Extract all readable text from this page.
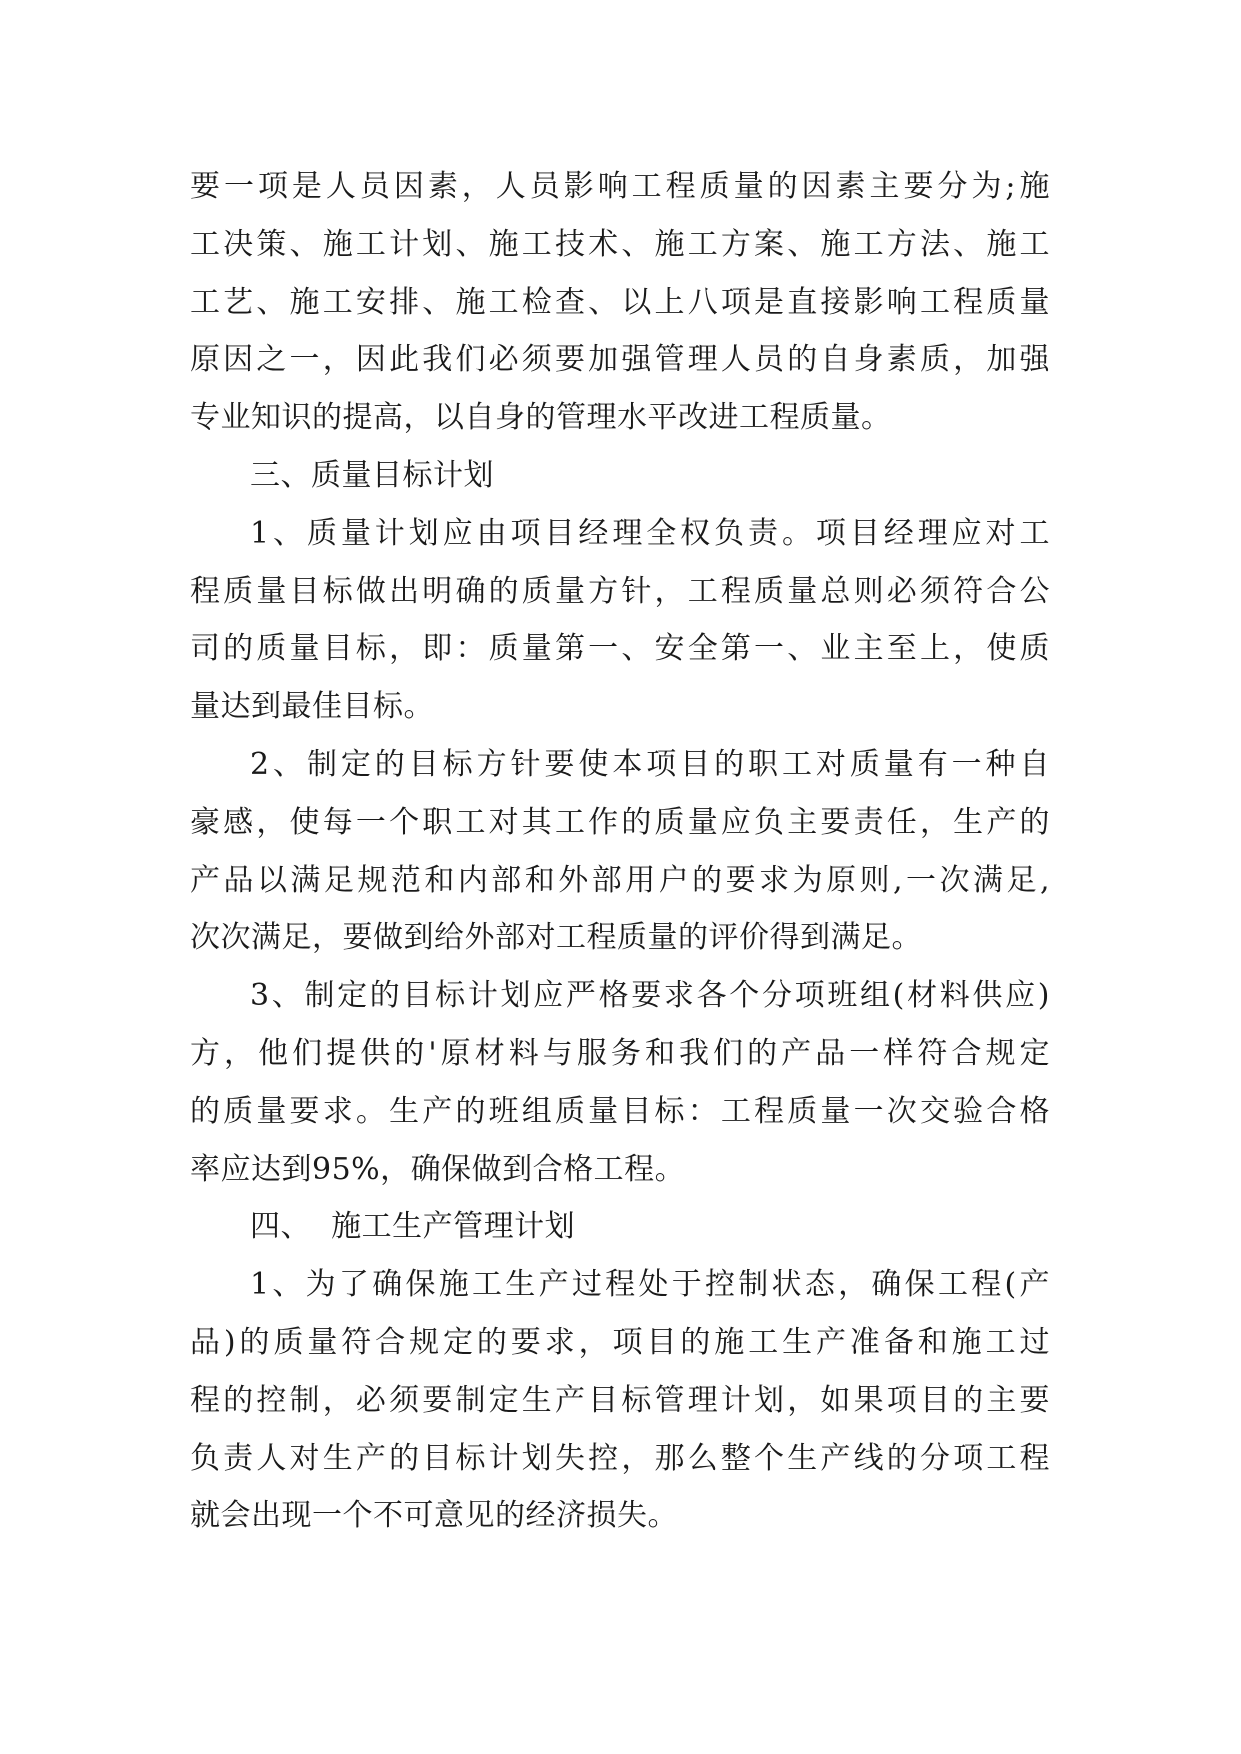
要一项是人员因素，人员影响工程质量的因素主要分为;施
工决策、施工计划、施工技术、施工方案、施工方法、施工
工艺、施工安排、施工检查、以上八项是直接影响工程质量
原因之一，因此我们必须要加强管理人员的自身素质，加强
专业知识的提高，以自身的管理水平改进工程质量。
三、质量目标计划
1、质量计划应由项目经理全权负责。项目经理应对工
程质量目标做出明确的质量方针，工程质量总则必须符合公
司的质量目标，即：质量第一、安全第一、业主至上，使质
量达到最佳目标。
2、制定的目标方针要使本项目的职工对质量有一种自
豪感，使每一个职工对其工作的质量应负主要责任，生产的
产品以满足规范和内部和外部用户的要求为原则,一次满足,
次次满足，要做到给外部对工程质量的评价得到满足。
3、制定的目标计划应严格要求各个分项班组(材料供应)
方，他们提供的'原材料与服务和我们的产品一样符合规定
的质量要求。生产的班组质量目标：工程质量一次交验合格
率应达到95%，确保做到合格工程。
四、  施工生产管理计划
1、为了确保施工生产过程处于控制状态，确保工程(产
品)的质量符合规定的要求，项目的施工生产准备和施工过
程的控制，必须要制定生产目标管理计划，如果项目的主要
负责人对生产的目标计划失控，那么整个生产线的分项工程
就会出现一个不可意见的经济损失。
